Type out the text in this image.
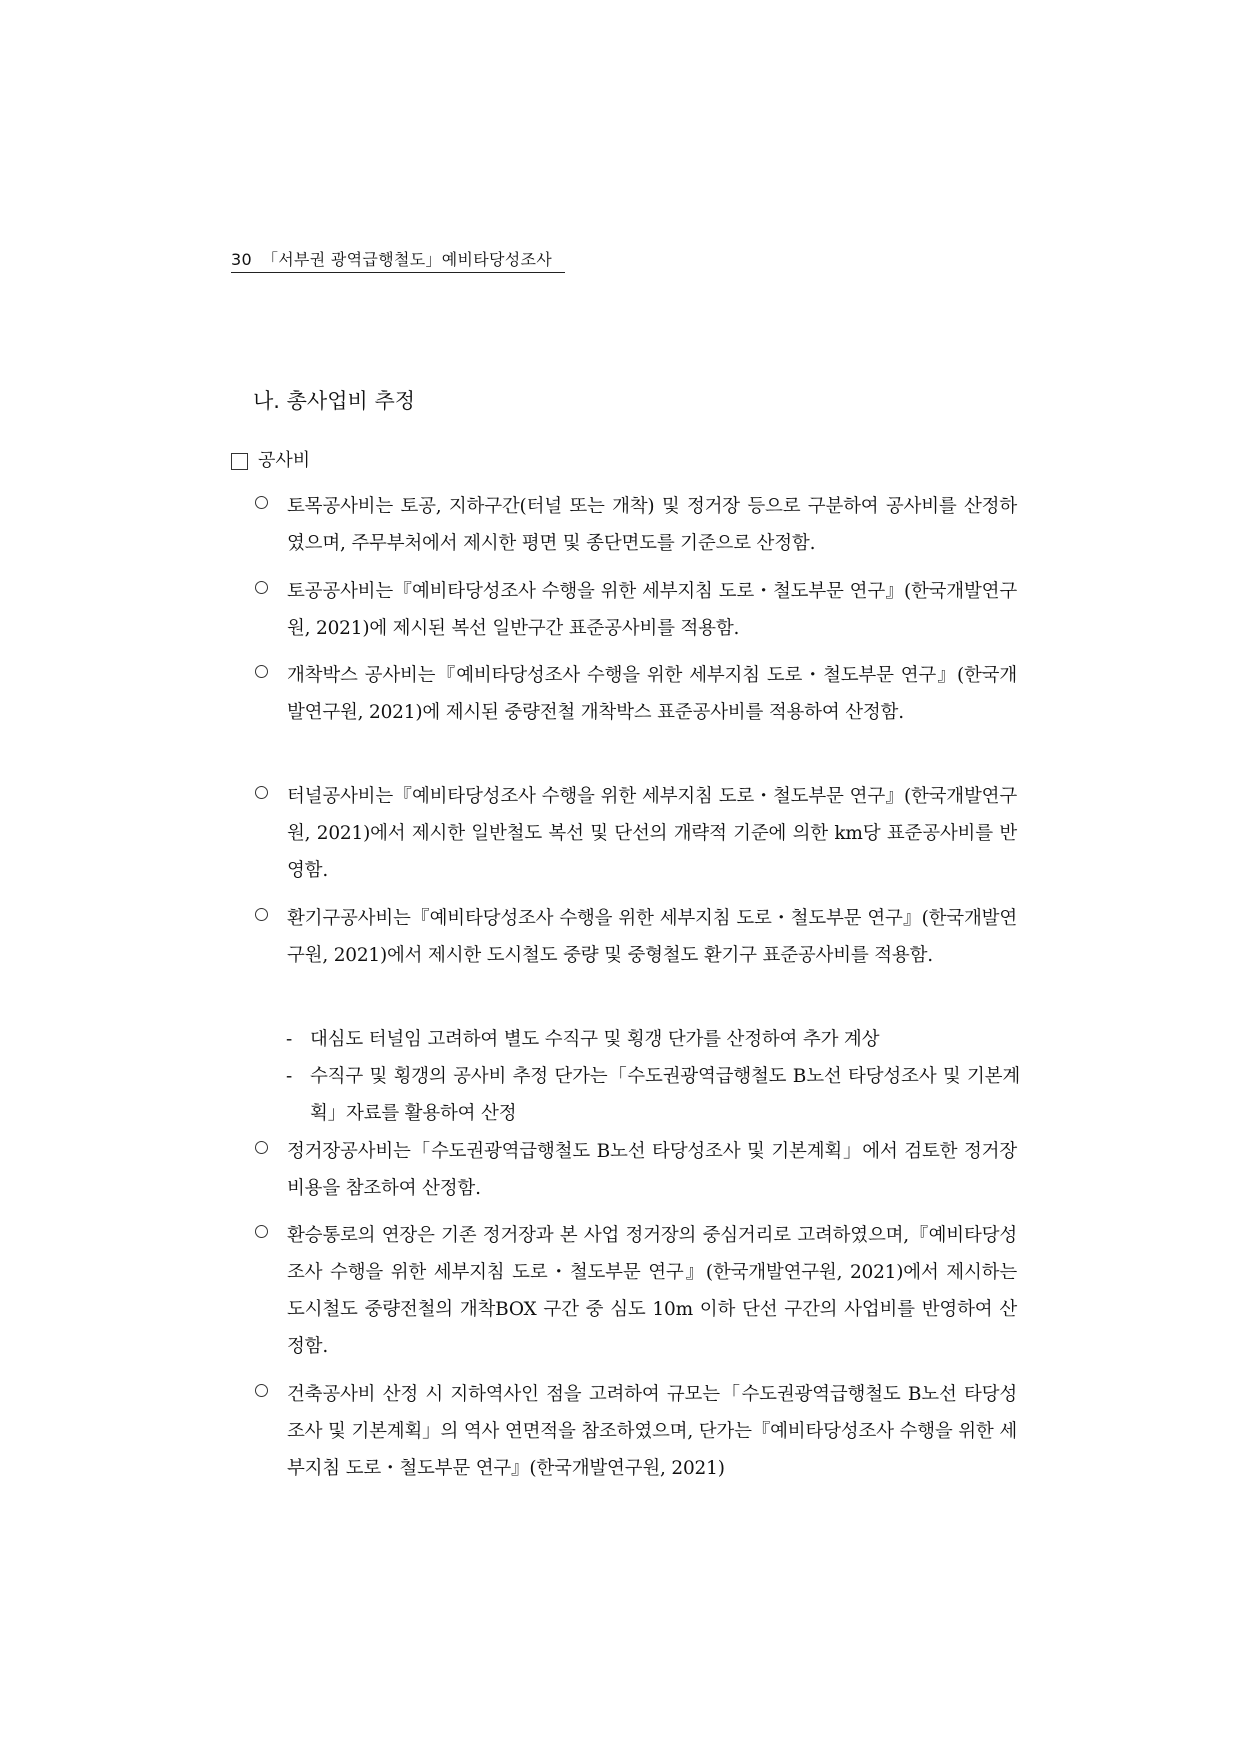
30 「서부권 광역급행철도」예비타당성조사
나. 총사업비 추정
공사비
토목공사비는 토공, 지하구간(터널 또는 개착) 및 정거장 등으로 구분하여 공사비를 산정하였으며, 주무부처에서 제시한 평면 및 종단면도를 기준으로 산정함.
토공공사비는『예비타당성조사 수행을 위한 세부지침 도로・철도부문 연구』(한국개발연구원, 2021)에 제시된 복선 일반구간 표준공사비를 적용함.
개착박스 공사비는『예비타당성조사 수행을 위한 세부지침 도로・철도부문 연구』(한국개발연구원, 2021)에 제시된 중량전철 개착박스 표준공사비를 적용하여 산정함.
터널공사비는『예비타당성조사 수행을 위한 세부지침 도로・철도부문 연구』(한국개발연구원, 2021)에서 제시한 일반철도 복선 및 단선의 개략적 기준에 의한 km당 표준공사비를 반영함.
환기구공사비는『예비타당성조사 수행을 위한 세부지침 도로・철도부문 연구』(한국개발연구원, 2021)에서 제시한 도시철도 중량 및 중형철도 환기구 표준공사비를 적용함.
- 대심도 터널임 고려하여 별도 수직구 및 횡갱 단가를 산정하여 추가 계상
- 수직구 및 횡갱의 공사비 추정 단가는「수도권광역급행철도 B노선 타당성조사 및 기본계획」자료를 활용하여 산정
정거장공사비는「수도권광역급행철도 B노선 타당성조사 및 기본계획」에서 검토한 정거장 비용을 참조하여 산정함.
환승통로의 연장은 기존 정거장과 본 사업 정거장의 중심거리로 고려하였으며,『예비타당성조사 수행을 위한 세부지침 도로・철도부문 연구』(한국개발연구원, 2021)에서 제시하는 도시철도 중량전철의 개착BOX 구간 중 심도 10m 이하 단선 구간의 사업비를 반영하여 산정함.
건축공사비 산정 시 지하역사인 점을 고려하여 규모는「수도권광역급행철도 B노선 타당성조사 및 기본계획」의 역사 연면적을 참조하였으며, 단가는『예비타당성조사 수행을 위한 세부지침 도로・철도부문 연구』(한국개발연구원, 2021)
